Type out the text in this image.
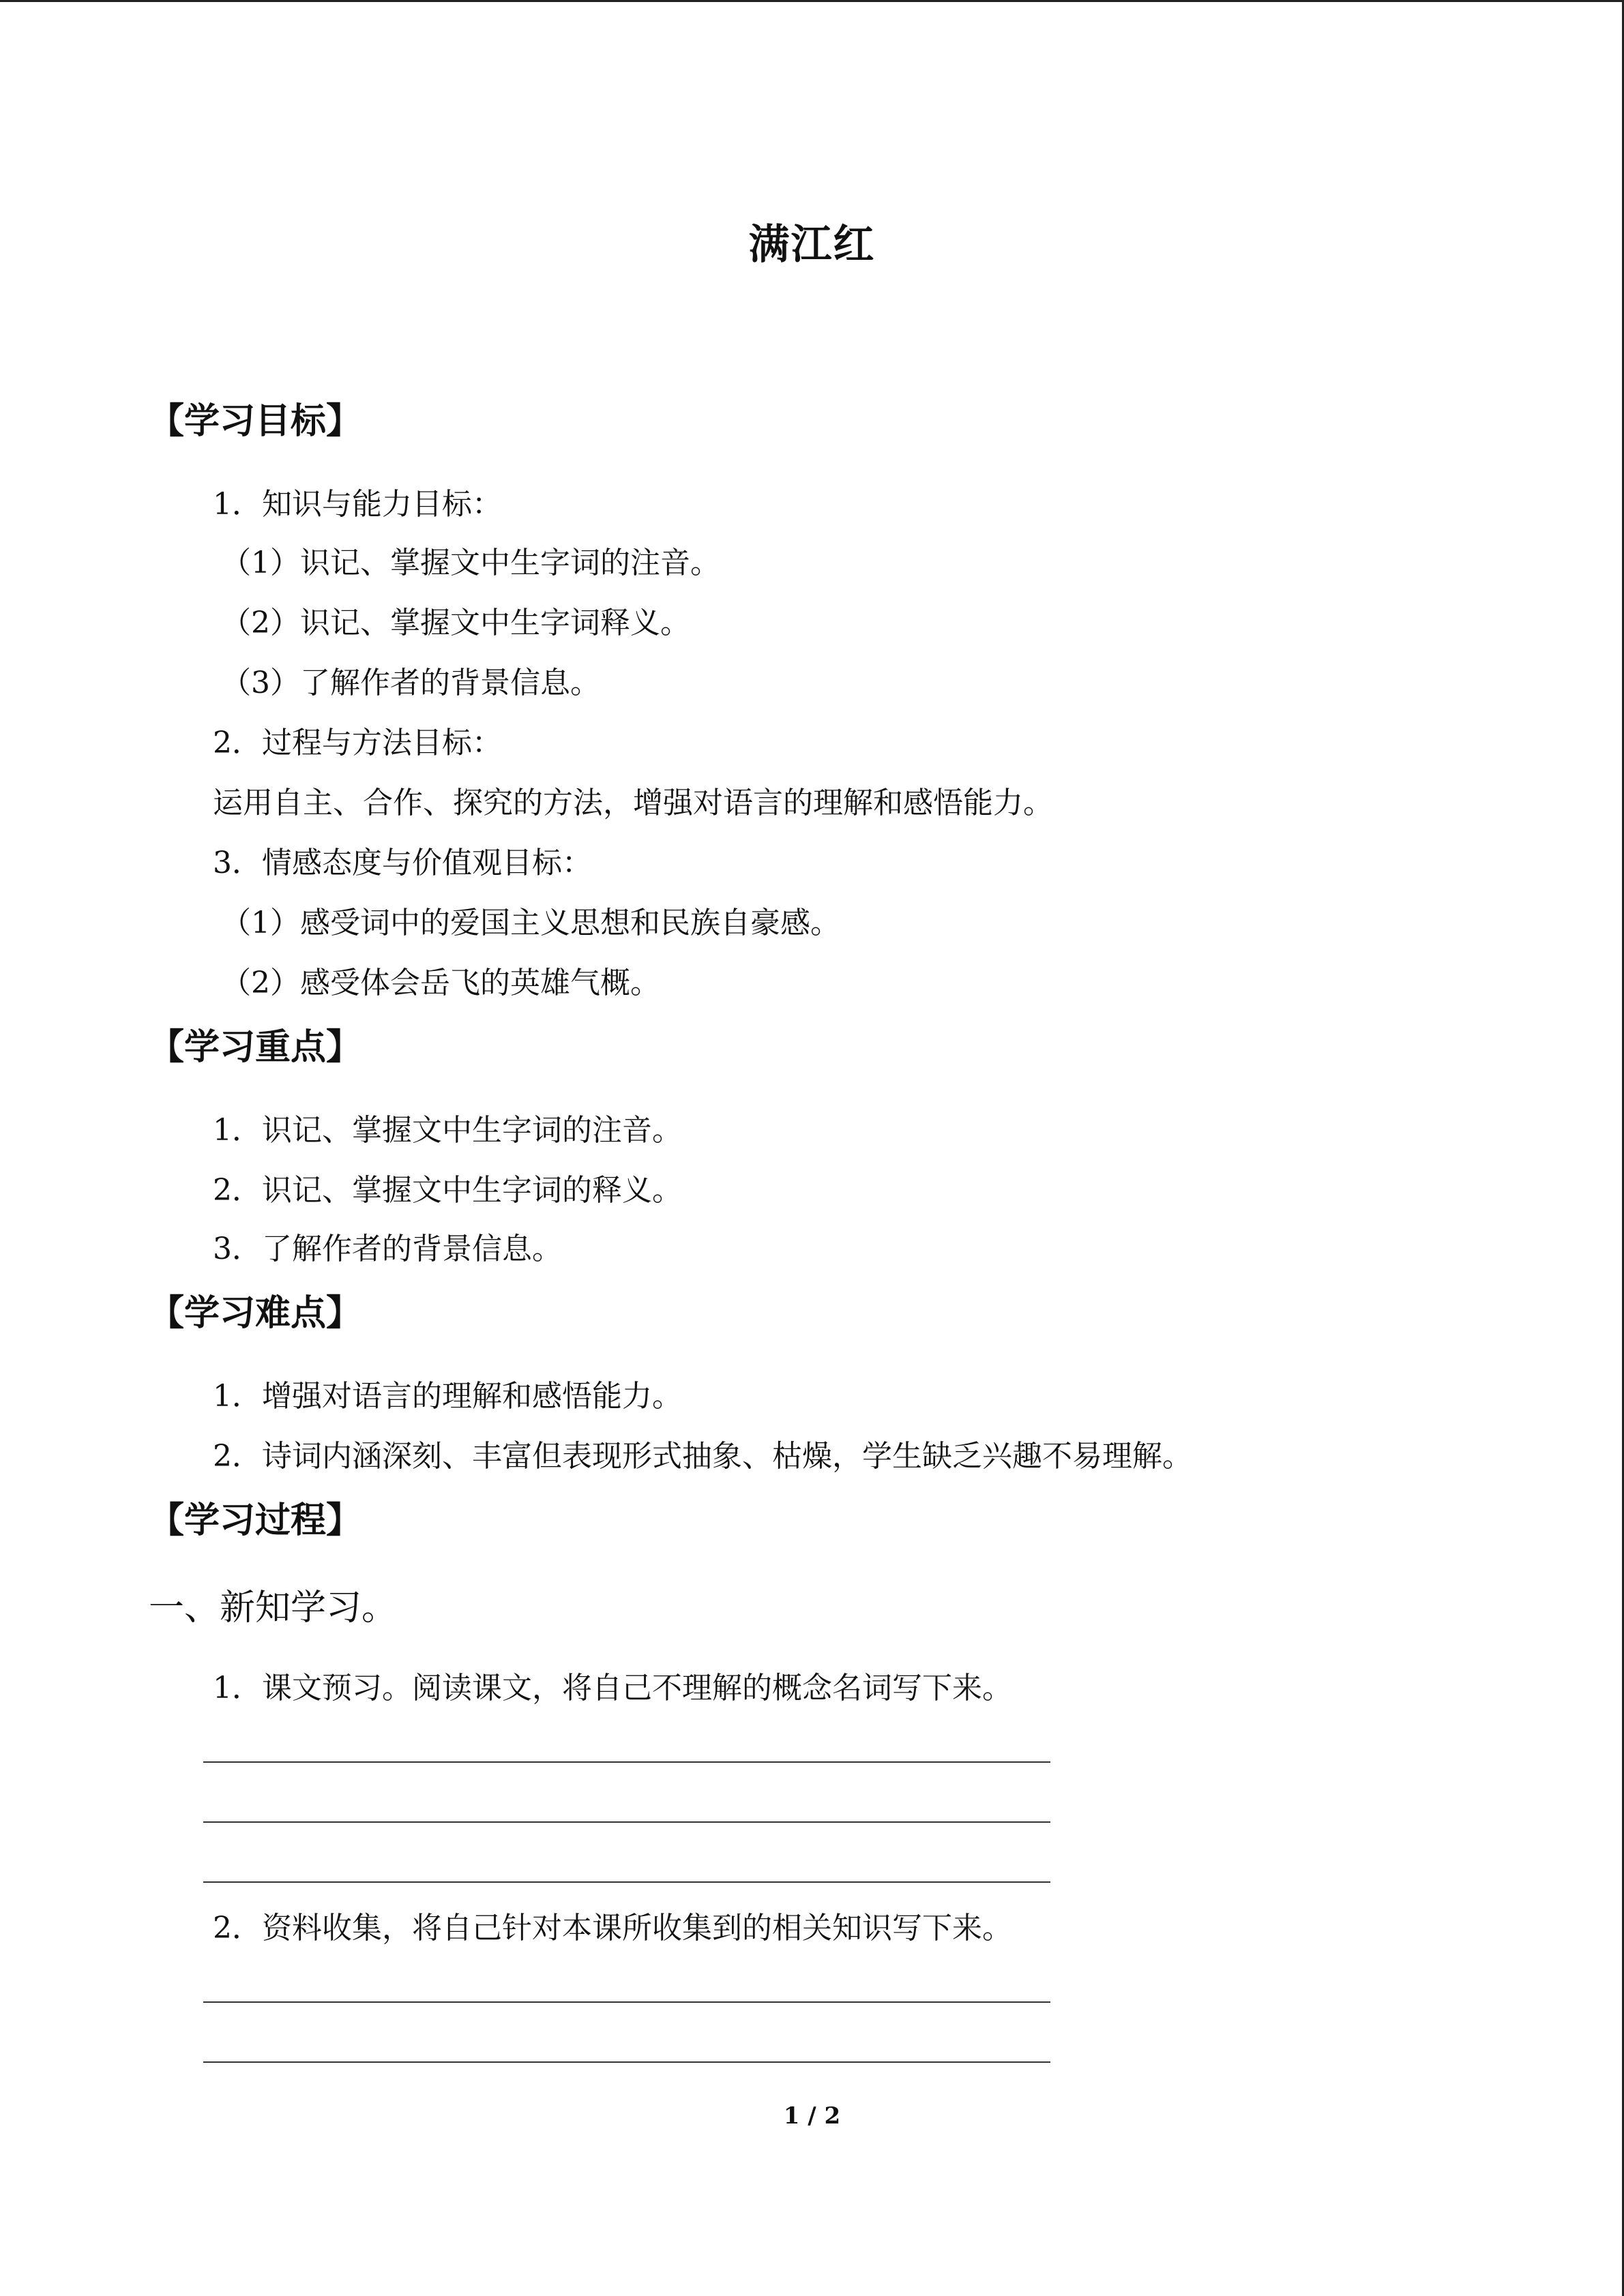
满江红
【学习目标】
1．知识与能力目标：
（1）识记、掌握文中生字词的注音。
（2）识记、掌握文中生字词释义。
（3）了解作者的背景信息。
2．过程与方法目标：
运用自主、合作、探究的方法，增强对语言的理解和感悟能力。
3．情感态度与价值观目标：
（1）感受词中的爱国主义思想和民族自豪感。
（2）感受体会岳飞的英雄气概。
【学习重点】
1．识记、掌握文中生字词的注音。
2．识记、掌握文中生字词的释义。
3．了解作者的背景信息。
【学习难点】
1．增强对语言的理解和感悟能力。
2．诗词内涵深刻、丰富但表现形式抽象、枯燥，学生缺乏兴趣不易理解。
【学习过程】
一、新知学习。
1．课文预习。阅读课文，将自己不理解的概念名词写下来。
2．资料收集，将自己针对本课所收集到的相关知识写下来。
1 / 2
